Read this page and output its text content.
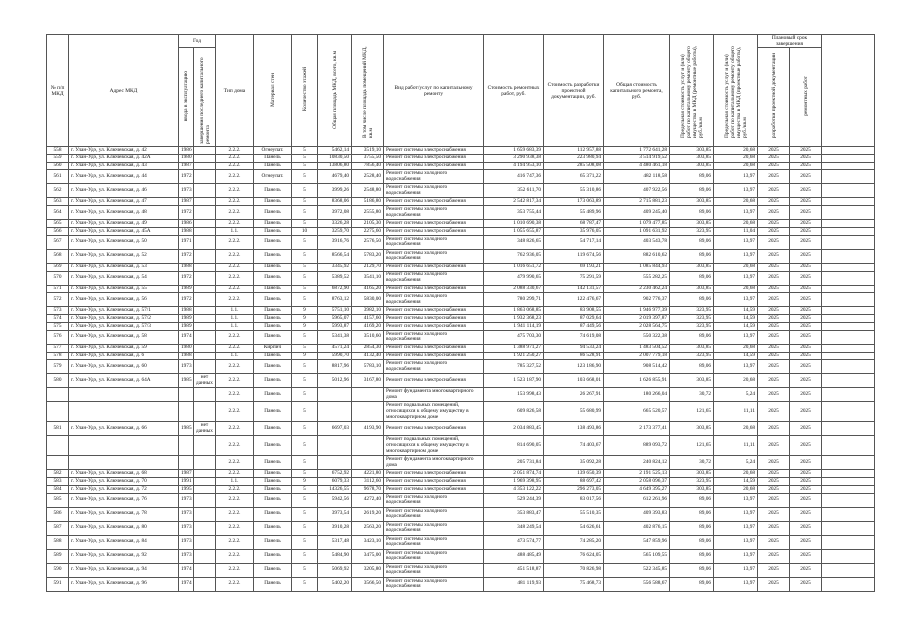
№ п/п МКД	Адрес МКД	Год		Тип дома	Материал стен	Количество этажей	Общая площадь МКД, всего, кв.м	В том числе площадь помещений МКД, кв.м	Вид работ/услуг по капитальному ремонту	Стоимость ремонтных работ, руб.	Стоимость разработки проектной документации, руб.	Общая стоимость капитального ремонта, руб.	Предельная стоимость услуг и (или) работ по капитальному ремонту общего имущества в МКД (ремонтные работы), руб./кв.м	Предельная стоимость услуг и (или) работ по капитальному ремонту общего имущества в МКД (проектные работы), руб./кв.м	Плановый срок завершения		
		ввода в эксплуатацию	завершения последнего капитального ремонта												разработки проектной документации	ремонтных работ	
558	г. Улан-Удэ, ул. Ключевская, д. 42	1986		2.2.2.	Огнеупат.	5	5462,14	3519,10	Ремонт системы электроснабжения	1 659 683,39	112 957,88	1 772 641,28	303,85	20,68	2025	2025	
559	г. Улан-Удэ, ул. Ключевская, д. 42А	1980		2.2.2.	Панель	5	10830,50	3755,50	Ремонт системы электроснабжения	3 290 938,38	223 980,94	3 514 919,52	303,85	20,68	2025	2025	
560	г. Улан-Удэ, ул. Ключевская, д. 43	1987		2.2.2.	Панель	5	13806,80	7856,40	Ремонт системы электроснабжения	4 194 953,10	285 508,08	4 480 461,18	303,85	20,68	2025	2025	
561	г. Улан-Удэ, ул. Ключевская, д. 44	1972		2.2.2.	Огнеупат.	5	4679,40	2528,40	Ремонт системы холодного водоснабжения	416 747,36	65 371,22	482 118,58	89,06	13,97	2025	2025	
562	г. Улан-Удэ, ул. Ключевская, д. 46	1973		2.2.2.	Панель	5	3999,26	2548,80	Ремонт системы холодного водоснабжения	352 611,70	55 310,86	407 922,56	89,06	13,97	2025	2025	
563	г. Улан-Удэ, ул. Ключевская, д. 47	1987		2.2.2.	Панель	5	8368,06	5186,80	Ремонт системы электроснабжения	2 542 817,34	173 063,89	2 715 881,23	303,85	20,68	2025	2025	
564	г. Улан-Удэ, ул. Ключевская, д. 48	1972		2.2.2.	Панель	5	3972,08	2555,80	Ремонт системы холодного водоснабжения	353 755,44	55 489,96	409 245,40	89,06	13,97	2025	2025	
565	г. Улан-Удэ, ул. Ключевская, д. 49	1986		2.2.2.	Панель	5	3326,28	2105,30	Ремонт системы электроснабжения	1 010 690,38	68 787,47	1 079 477,85	303,85	20,68	2025	2025	
566	г. Улан-Удэ, ул. Ключевская, д. 45А	1988		1.1.	Панель	10	3259,70	2275,60	Ремонт системы электроснабжения	1 055 655,87	35 976,05	1 091 631,92	323,95	11,04	2025	2025	
567	г. Улан-Удэ, ул. Ключевская, д. 50	1971		2.2.2.	Панель	5	3916,76	2576,50	Ремонт системы холодного водоснабжения	348 826,65	54 717,14	403 543,78	89,06	13,97	2025	2025	
568	г. Улан-Удэ, ул. Ключевская, д. 52	1972		2.2.2.	Панель	5	8566,54	5783,20	Ремонт системы холодного водоснабжения	762 936,05	119 674,56	882 610,62	89,06	13,97	2025	2025	
569	г. Улан-Удэ, ул. Ключевская, д. 53	1988		2.2.2.	Панель	5	3345,92	2129,70	Ремонт системы электроснабжения	1 016 651,72	69 193,21	1 085 844,93	303,85	20,68	2025	2025	
570	г. Улан-Удэ, ул. Ключевская, д. 54	1972		2.2.2.	Панель	5	5389,52	3541,10	Ремонт системы холодного водоснабжения	479 990,65	75 291,59	555 282,25	89,06	13,97	2025	2025	
571	г. Улан-Удэ, ул. Ключевская, д. 55	1989		2.2.2.	Панель	5	6872,90	4165,20	Ремонт системы электроснабжения	2 088 330,67	142 131,57	2 230 462,24	303,85	20,68	2025	2025	
572	г. Улан-Удэ, ул. Ключевская, д. 56	1972		2.2.2.	Панель	5	8763,12	5830,00	Ремонт системы холодного водоснабжения	780 299,71	122 476,67	902 776,37	89,06	13,97	2025	2025	
573	г. Улан-Удэ, ул. Ключевская, д. 57/1	1988		1.1.	Панель	9	5751,10	3982,10	Ремонт системы электроснабжения	1 863 068,85	83 908,55	1 946 977,39	323,95	14,59	2025	2025	
574	г. Улан-Удэ, ул. Ключевская, д. 57/2	1989		1.1.	Панель	9	5965,07	4157,60	Ремонт системы электроснабжения	1 932 368,23	87 029,64	2 019 397,87	323,95	14,59	2025	2025	
575	г. Улан-Удэ, ул. Ключевская, д. 57/3	1989		1.1.	Панель	9	5993,87	4169,20	Ремонт системы электроснабжения	1 941 114,19	87 449,56	2 028 564,75	323,95	14,59	2025	2025	
576	г. Улан-Удэ, ул. Ключевская, д. 58	1974		2.2.2.	Панель	5	5341,38	3510,60	Ремонт системы холодного водоснабжения	475 703,30	74 619,08	550 322,38	89,06	13,97	2025	2025	
577	г. Улан-Удэ, ул. Ключевская, д. 59	1980		2.2.2.	Кирпич	5	4571,24	2854,30	Ремонт системы электроснабжения	1 388 971,27	94 533,24	1 483 504,52	303,85	20,68	2025	2025	
578	г. Улан-Удэ, ул. Ключевская, д. 6	1988		1.1.	Панель	9	5990,70	4132,40	Ремонт системы электроснабжения	1 921 250,27	86 528,91	2 007 779,18	323,95	14,59	2025	2025	
579	г. Улан-Удэ, ул. Ключевская, д. 60	1973		2.2.2.	Панель	5	8817,96	5783,10	Ремонт системы холодного водоснабжения	785 327,52	123 186,90	908 514,42	89,06	13,97	2025	2025	
580	г. Улан-Удэ, ул. Ключевская, д. 64А	1985	нет данных	2.2.2.	Панель	5	5012,96	3167,80	Ремонт системы электроснабжения	1 523 187,90	103 668,01	1 626 855,91	303,85	20,68	2025	2025	
				2.2.2.	Панель	5			Ремонт фундамента многоквартирного дома	153 998,43	26 267,91	180 266,04	30,72	5,24	2025	2025	
				2.2.2.	Панель	5			Ремонт подвальных помещений, относящихся к общему имуществу в многоквартирном доме	609 826,58	55 680,99	665 520,57	121,65	11,11	2025	2025	
581	г. Улан-Удэ, ул. Ключевская, д. 66	1985	нет данных	2.2.2.	Панель	5	6697,03	4193,90	Ремонт системы электроснабжения	2 034 883,45	138 493,86	2 173 377,41	303,85	20,68	2025	2025	
				2.2.2.	Панель	5			Ремонт подвальных помещений, относящихся к общему имуществу в многоквартирном доме	814 690,05	74 403,67	889 093,72	121,65	11,11	2025	2025	
				2.2.2.	Панель	5			Ремонт фундамента многоквартирного дома	205 731,84	35 092,28	240 824,12	30,72	5,24	2025	2025	
582	г. Улан-Удэ, ул. Ключевская, д. 68	1987		2.2.2.	Панель	5	6752,92	4221,80	Ремонт системы электроснабжения	2 051 874,74	139 650,39	2 191 525,13	303,85	20,68	2025	2025	
583	г. Улан-Удэ, ул. Ключевская, д. 70	1991		1.1.	Панель	9	6079,33	3112,60	Ремонт системы электроснабжения	1 969 398,95	88 697,42	2 058 096,37	323,95	14,59	2025	2025	
584	г. Улан-Удэ, ул. Ключевская, д. 72	1995		2.2.2.	Панель	5	14326,55	9678,70	Ремонт системы электроснабжения	4 353 122,22	296 273,05	4 649 395,27	303,85	20,68	2025	2025	
585	г. Улан-Удэ, ул. Ключевская, д. 76	1973		2.2.2.	Панель	5	5942,56	4272,40	Ремонт системы холодного водоснабжения	529 244,39	83 017,56	612 261,96	89,06	13,97	2025	2025	
586	г. Улан-Удэ, ул. Ключевская, д. 78	1973		2.2.2.	Панель	5	3973,54	2619,20	Ремонт системы холодного водоснабжения	353 883,47	55 510,35	409 393,83	89,06	13,97	2025	2025	
587	г. Улан-Удэ, ул. Ключевская, д. 80	1973		2.2.2.	Панель	5	3910,28	2563,20	Ремонт системы холодного водоснабжения	348 249,54	54 626,61	402 876,15	89,06	13,97	2025	2025	
588	г. Улан-Удэ, ул. Ключевская, д. 84	1973		2.2.2.	Панель	5	5317,48	3423,10	Ремонт системы холодного водоснабжения	473 574,77	74 285,20	547 859,96	89,06	13,97	2025	2025	
589	г. Улан-Удэ, ул. Ключевская, д. 92	1973		2.2.2.	Панель	5	5484,90	3475,00	Ремонт системы холодного водоснабжения	488 485,49	76 624,05	565 109,55	89,06	13,97	2025	2025	
590	г. Улан-Удэ, ул. Ключевская, д. 94	1974		2.2.2.	Панель	5	5069,92	3205,80	Ремонт системы холодного водоснабжения	451 518,87	70 826,98	522 345,85	89,06	13,97	2025	2025	
591	г. Улан-Удэ, ул. Ключевская, д. 96	1974		2.2.2.	Панель	5	5402,20	3566,50	Ремонт системы холодного водоснабжения	481 119,93	75 468,73	556 588,67	89,06	13,97	2025	2025	
